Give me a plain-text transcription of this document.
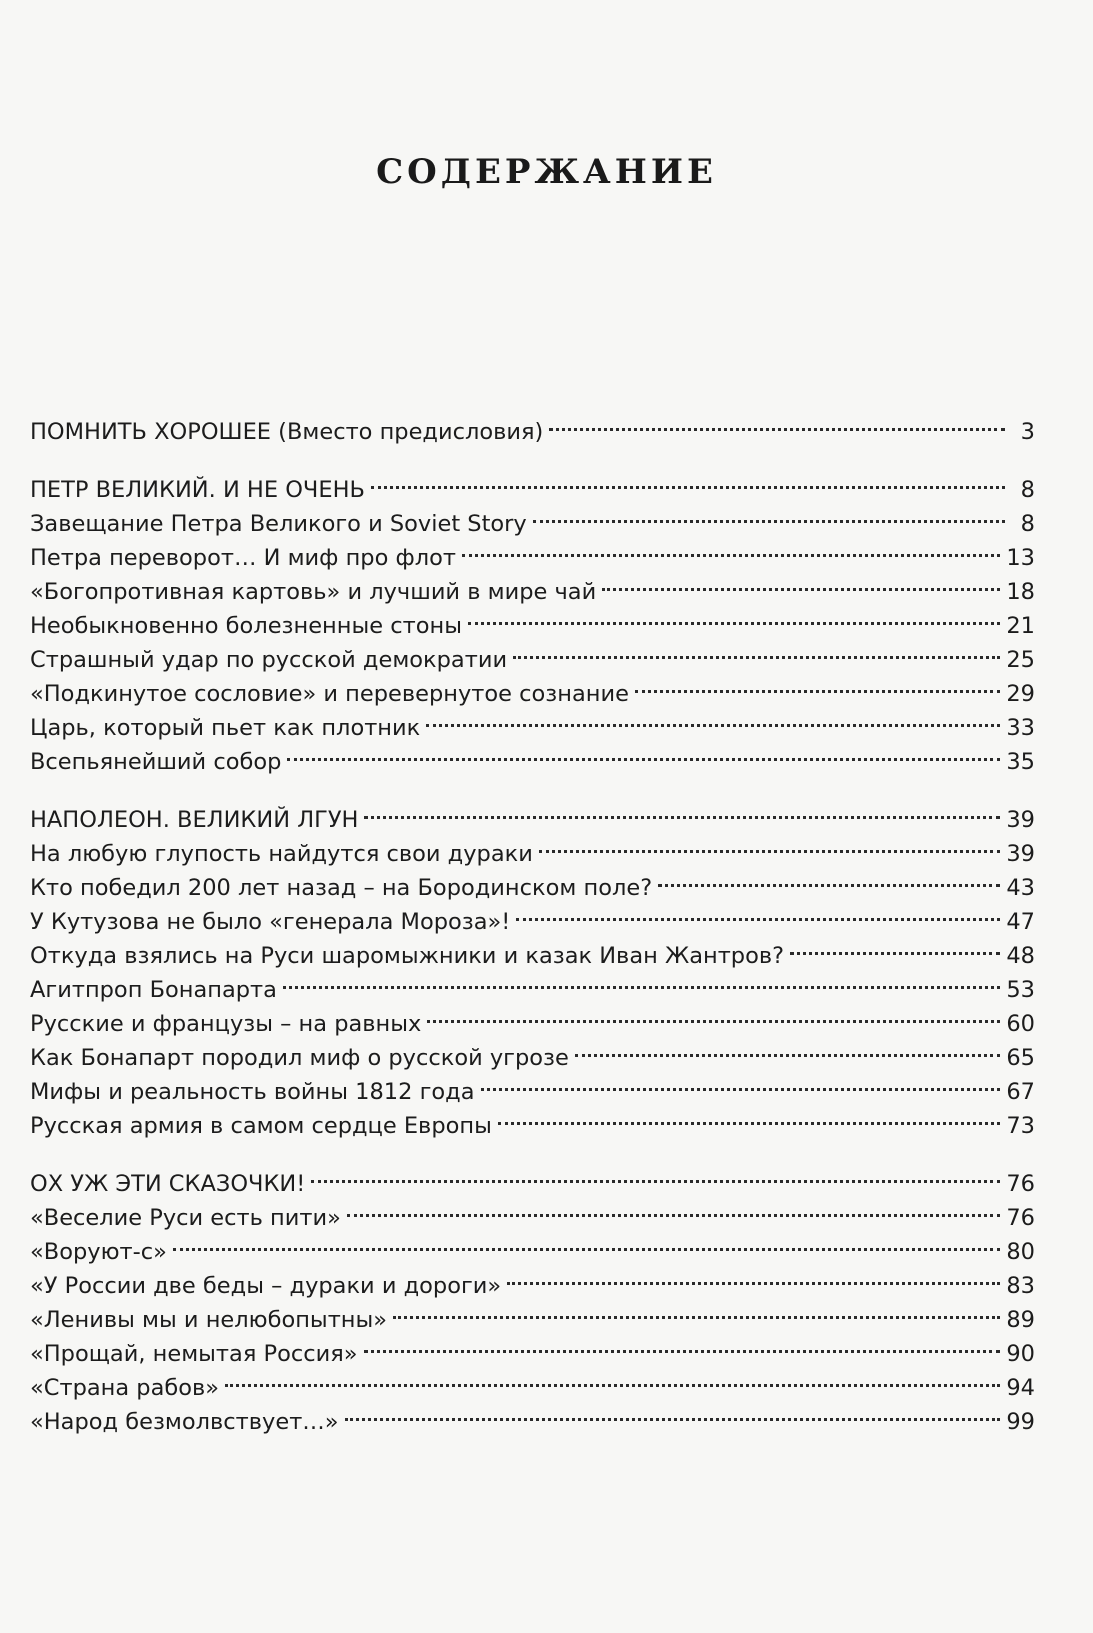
СОДЕРЖАНИЕ
ПОМНИТЬ ХОРОШЕЕ (Вместо предисловия)	3
ПЕТР ВЕЛИКИЙ. И НЕ ОЧЕНЬ	8
Завещание Петра Великого и Soviet Story	8
Петра переворот… И миф про флот	13
«Богопротивная картовь» и лучший в мире чай	18
Необыкновенно болезненные стоны	21
Страшный удар по русской демократии	25
«Подкинутое сословие» и перевернутое сознание	29
Царь, который пьет как плотник	33
Всепьянейший собор	35
НАПОЛЕОН. ВЕЛИКИЙ ЛГУН	39
На любую глупость найдутся свои дураки	39
Кто победил 200 лет назад – на Бородинском поле?	43
У Кутузова не было «генерала Мороза»!	47
Откуда взялись на Руси шаромыжники и казак Иван Жантров?	48
Агитпроп Бонапарта	53
Русские и французы – на равных	60
Как Бонапарт породил миф о русской угрозе	65
Мифы и реальность войны 1812 года	67
Русская армия в самом сердце Европы	73
ОХ УЖ ЭТИ СКАЗОЧКИ!	76
«Веселие Руси есть пити»	76
«Воруют-с»	80
«У России две беды – дураки и дороги»	83
«Ленивы мы и нелюбопытны»	89
«Прощай, немытая Россия»	90
«Страна рабов»	94
«Народ безмолвствует…»	99
